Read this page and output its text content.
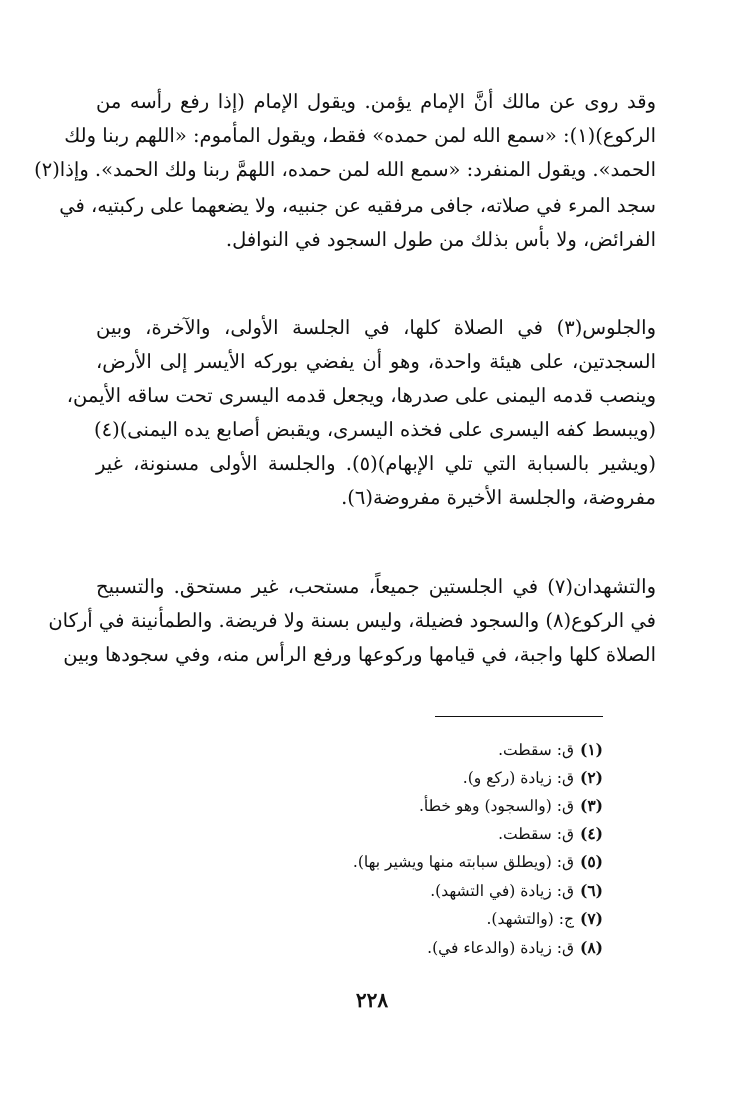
وقد روى عن مالك أنَّ الإمام يؤمن. ويقول الإمام (إذا رفع رأسه من
الركوع)(١): «سمع الله لمن حمده» فقط، ويقول المأموم: «اللهم ربنا ولك
الحمد». ويقول المنفرد: «سمع الله لمن حمده، اللهمَّ ربنا ولك الحمد». وإذا(٢)
سجد المرء في صلاته، جافى مرفقيه عن جنبيه، ولا يضعهما على ركبتيه، في
الفرائض، ولا بأس بذلك من طول السجود في النوافل.
والجلوس(٣) في الصلاة كلها، في الجلسة الأولى، والآخرة، وبين
السجدتين، على هيئة واحدة، وهو أن يفضي بوركه الأيسر إلى الأرض،
وينصب قدمه اليمنى على صدرها، ويجعل قدمه اليسرى تحت ساقه الأيمن،
(ويبسط كفه اليسرى على فخذه اليسرى، ويقبض أصابع يده اليمنى)(٤)
(ويشير بالسبابة التي تلي الإبهام)(٥). والجلسة الأولى مسنونة، غير
مفروضة، والجلسة الأخيرة مفروضة(٦).
والتشهدان(٧) في الجلستين جميعاً، مستحب، غير مستحق. والتسبيح
في الركوع(٨) والسجود فضيلة، وليس بسنة ولا فريضة. والطمأنينة في أركان
الصلاة كلها واجبة، في قيامها وركوعها ورفع الرأس منه، وفي سجودها وبين
(١)ق: سقطت.
(٢)ق: زيادة (ركع و).
(٣)ق: (والسجود) وهو خطأ.
(٤)ق: سقطت.
(٥)ق: (ويطلق سبابته منها ويشير بها).
(٦)ق: زيادة (في التشهد).
(٧)ج: (والتشهد).
(٨)ق: زيادة (والدعاء في).
٢٢٨
